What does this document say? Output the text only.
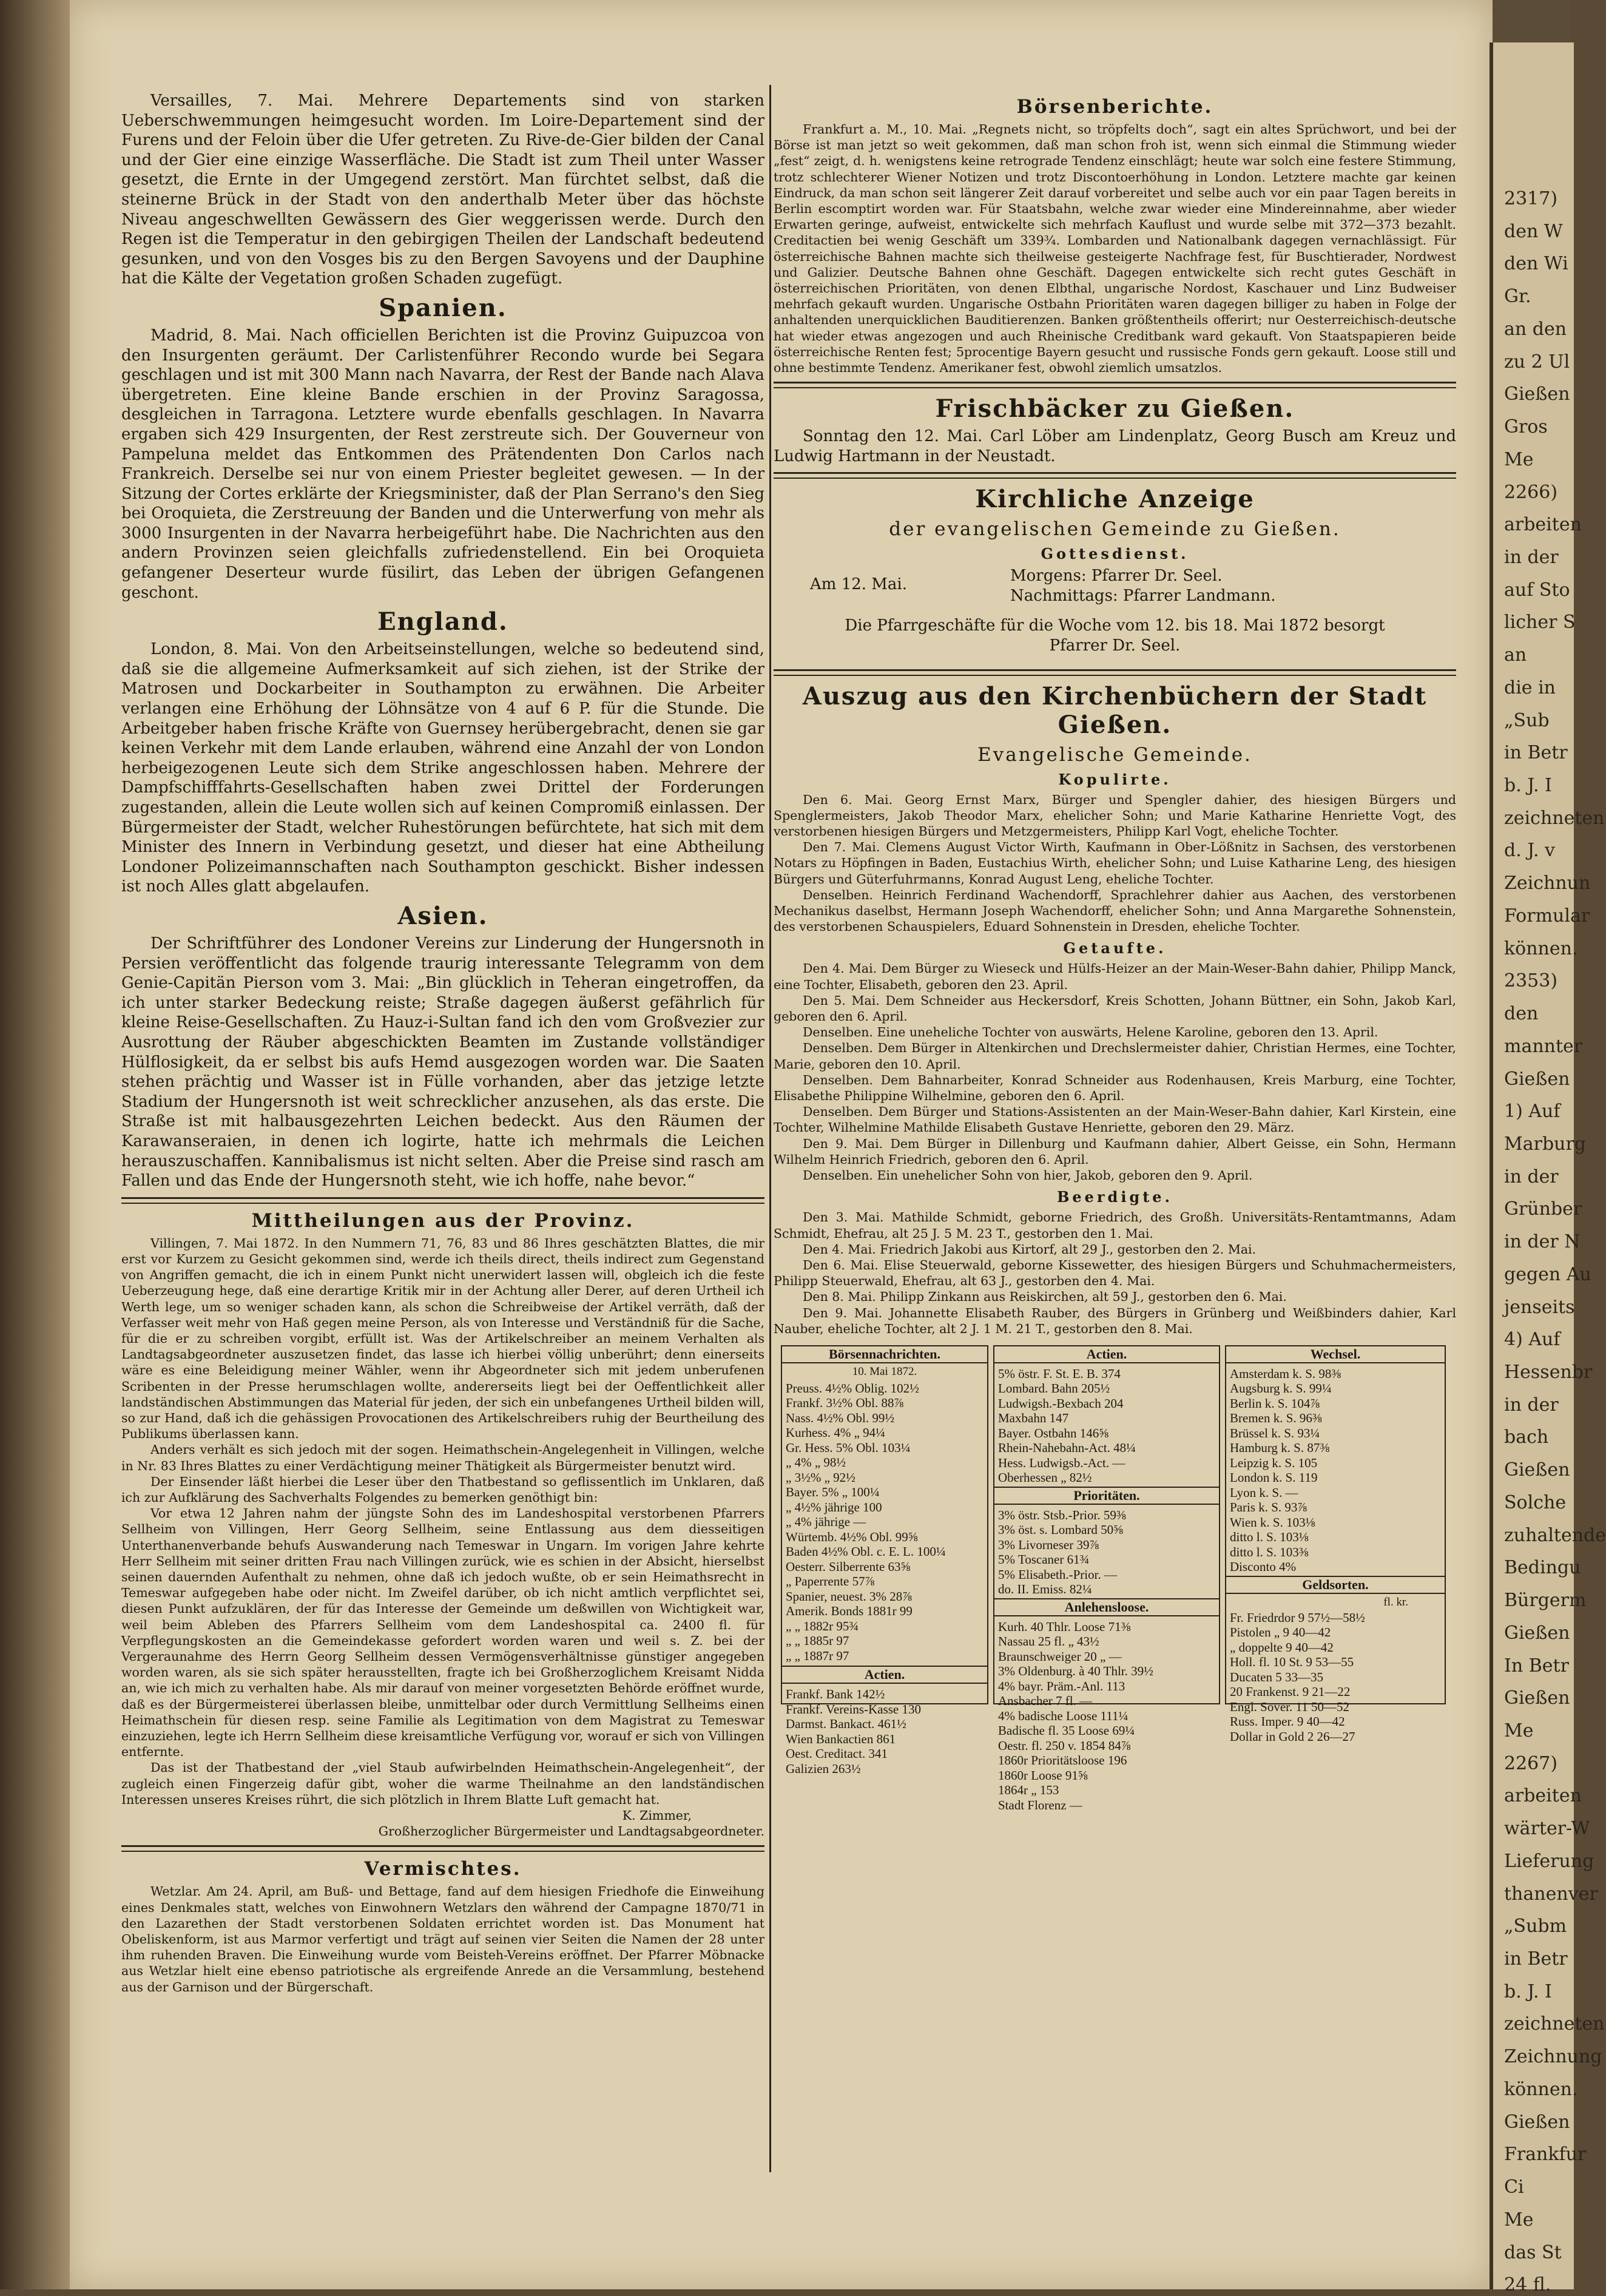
2317)
den W
den Wi
Gr.
an den
zu 2 Ul
Gießen
Gros
Me
2266)
arbeiten
in der
auf Sto
licher S
an
die in
„Sub
in Betr
b. J. I
zeichneten
d. J. v
Zeichnun
Formular
können.
2353)
den
mannter
Gießen
1) Auf
Marburg
in der
Grünber
in der N
gegen Au
jenseits
4) Auf
Hessenbr
in der
bach
Gießen
Solche
zuhaltende
Bedingu
Bürgerm
Gießen
In Betr
Gießen
Me
2267)
arbeiten
wärter-W
Lieferung
thanenver
„Subm
in Betr
b. J. I
zeichneten
Zeichnung
können.
Gießen
Frankfur
Ci
Me
das St
24 fl.

Versailles, 7. Mai. Mehrere Departements sind von starken Ueberschwemmungen heimgesucht worden. Im Loire-Departement sind der Furens und der Feloin über die Ufer getreten. Zu Rive-de-Gier bilden der Canal und der Gier eine einzige Wasserfläche. Die Stadt ist zum Theil unter Wasser gesetzt, die Ernte in der Umgegend zerstört. Man fürchtet selbst, daß die steinerne Brück in der Stadt von den anderthalb Meter über das höchste Niveau angeschwellten Gewässern des Gier weggerissen werde. Durch den Regen ist die Temperatur in den gebirgigen Theilen der Landschaft bedeutend gesunken, und von den Vosges bis zu den Bergen Savoyens und der Dauphine hat die Kälte der Vegetation großen Schaden zugefügt.

Spanien.

Madrid, 8. Mai. Nach officiellen Berichten ist die Provinz Guipuzcoa von den Insurgenten geräumt. Der Carlistenführer Recondo wurde bei Segara geschlagen und ist mit 300 Mann nach Navarra, der Rest der Bande nach Alava übergetreten. Eine kleine Bande erschien in der Provinz Saragossa, desgleichen in Tarragona. Letztere wurde ebenfalls geschlagen. In Navarra ergaben sich 429 Insurgenten, der Rest zerstreute sich. Der Gouverneur von Pampeluna meldet das Entkommen des Prätendenten Don Carlos nach Frankreich. Derselbe sei nur von einem Priester begleitet gewesen. — In der Sitzung der Cortes erklärte der Kriegsminister, daß der Plan Serrano's den Sieg bei Oroquieta, die Zerstreuung der Banden und die Unterwerfung von mehr als 3000 Insurgenten in der Navarra herbeigeführt habe. Die Nachrichten aus den andern Provinzen seien gleichfalls zufriedenstellend. Ein bei Oroquieta gefangener Deserteur wurde füsilirt, das Leben der übrigen Gefangenen geschont.

England.

London, 8. Mai. Von den Arbeitseinstellungen, welche so bedeutend sind, daß sie die allgemeine Aufmerksamkeit auf sich ziehen, ist der Strike der Matrosen und Dockarbeiter in Southampton zu erwähnen. Die Arbeiter verlangen eine Erhöhung der Löhnsätze von 4 auf 6 P. für die Stunde. Die Arbeitgeber haben frische Kräfte von Guernsey herübergebracht, denen sie gar keinen Verkehr mit dem Lande erlauben, während eine Anzahl der von London herbeigezogenen Leute sich dem Strike angeschlossen haben. Mehrere der Dampfschifffahrts-Gesellschaften haben zwei Drittel der Forderungen zugestanden, allein die Leute wollen sich auf keinen Compromiß einlassen. Der Bürgermeister der Stadt, welcher Ruhestörungen befürchtete, hat sich mit dem Minister des Innern in Verbindung gesetzt, und dieser hat eine Abtheilung Londoner Polizeimannschaften nach Southampton geschickt. Bisher indessen ist noch Alles glatt abgelaufen.

Asien.

Der Schriftführer des Londoner Vereins zur Linderung der Hungersnoth in Persien veröffentlicht das folgende traurig interessante Telegramm von dem Genie-Capitän Pierson vom 3. Mai: „Bin glücklich in Teheran eingetroffen, da ich unter starker Bedeckung reiste; Straße dagegen äußerst gefährlich für kleine Reise-Gesellschaften. Zu Hauz-i-Sultan fand ich den vom Großvezier zur Ausrottung der Räuber abgeschickten Beamten im Zustande vollständiger Hülflosigkeit, da er selbst bis aufs Hemd ausgezogen worden war. Die Saaten stehen prächtig und Wasser ist in Fülle vorhanden, aber das jetzige letzte Stadium der Hungersnoth ist weit schrecklicher anzusehen, als das erste. Die Straße ist mit halbausgezehrten Leichen bedeckt. Aus den Räumen der Karawanseraien, in denen ich logirte, hatte ich mehrmals die Leichen herauszuschaffen. Kannibalismus ist nicht selten. Aber die Preise sind rasch am Fallen und das Ende der Hungersnoth steht, wie ich hoffe, nahe bevor.“

Mittheilungen aus der Provinz.

Villingen, 7. Mai 1872. In den Nummern 71, 76, 83 und 86 Ihres geschätzten Blattes, die mir erst vor Kurzem zu Gesicht gekommen sind, werde ich theils direct, theils indirect zum Gegenstand von Angriffen gemacht, die ich in einem Punkt nicht unerwidert lassen will, obgleich ich die feste Ueberzeugung hege, daß eine derartige Kritik mir in der Achtung aller Derer, auf deren Urtheil ich Werth lege, um so weniger schaden kann, als schon die Schreibweise der Artikel verräth, daß der Verfasser weit mehr von Haß gegen meine Person, als von Interesse und Verständniß für die Sache, für die er zu schreiben vorgibt, erfüllt ist. Was der Artikelschreiber an meinem Verhalten als Landtagsabgeordneter auszusetzen findet, das lasse ich hierbei völlig unberührt; denn einerseits wäre es eine Beleidigung meiner Wähler, wenn ihr Abgeordneter sich mit jedem unberufenen Scribenten in der Presse herumschlagen wollte, andererseits liegt bei der Oeffentlichkeit aller landständischen Abstimmungen das Material für jeden, der sich ein unbefangenes Urtheil bilden will, so zur Hand, daß ich die gehässigen Provocationen des Artikelschreibers ruhig der Beurtheilung des Publikums überlassen kann.

Anders verhält es sich jedoch mit der sogen. Heimathschein-Angelegenheit in Villingen, welche in Nr. 83 Ihres Blattes zu einer Verdächtigung meiner Thätigkeit als Bürgermeister benutzt wird.

Der Einsender läßt hierbei die Leser über den Thatbestand so geflissentlich im Unklaren, daß ich zur Aufklärung des Sachverhalts Folgendes zu bemerken genöthigt bin:

Vor etwa 12 Jahren nahm der jüngste Sohn des im Landeshospital verstorbenen Pfarrers Sellheim von Villingen, Herr Georg Sellheim, seine Entlassung aus dem diesseitigen Unterthanenverbande behufs Auswanderung nach Temeswar in Ungarn. Im vorigen Jahre kehrte Herr Sellheim mit seiner dritten Frau nach Villingen zurück, wie es schien in der Absicht, hierselbst seinen dauernden Aufenthalt zu nehmen, ohne daß ich jedoch wußte, ob er sein Heimathsrecht in Temeswar aufgegeben habe oder nicht. Im Zweifel darüber, ob ich nicht amtlich verpflichtet sei, diesen Punkt aufzuklären, der für das Interesse der Gemeinde um deßwillen von Wichtigkeit war, weil beim Ableben des Pfarrers Sellheim vom dem Landeshospital ca. 2400 fl. für Verpflegungskosten an die Gemeindekasse gefordert worden waren und weil s. Z. bei der Vergeraunahme des Herrn Georg Sellheim dessen Vermögensverhältnisse günstiger angegeben worden waren, als sie sich später herausstellten, fragte ich bei Großherzoglichem Kreisamt Nidda an, wie ich mich zu verhalten habe. Als mir darauf von meiner vorgesetzten Behörde eröffnet wurde, daß es der Bürgermeisterei überlassen bleibe, unmittelbar oder durch Vermittlung Sellheims einen Heimathschein für diesen resp. seine Familie als Legitimation von dem Magistrat zu Temeswar einzuziehen, legte ich Herrn Sellheim diese kreisamtliche Verfügung vor, worauf er sich von Villingen entfernte.

Das ist der Thatbestand der „viel Staub aufwirbelnden Heimathschein-Angelegenheit“, der zugleich einen Fingerzeig dafür gibt, woher die warme Theilnahme an den landständischen Interessen unseres Kreises rührt, die sich plötzlich in Ihrem Blatte Luft gemacht hat.

K. Zimmer,

Großherzoglicher Bürgermeister und Landtagsabgeordneter.

Vermischtes.

Wetzlar. Am 24. April, am Buß- und Bettage, fand auf dem hiesigen Friedhofe die Einweihung eines Denkmales statt, welches von Einwohnern Wetzlars den während der Campagne 1870/71 in den Lazarethen der Stadt verstorbenen Soldaten errichtet worden ist. Das Monument hat Obeliskenform, ist aus Marmor verfertigt und trägt auf seinen vier Seiten die Namen der 28 unter ihm ruhenden Braven. Die Einweihung wurde vom Beisteh-Vereins eröffnet. Der Pfarrer Möbnacke aus Wetzlar hielt eine ebenso patriotische als ergreifende Anrede an die Versammlung, bestehend aus der Garnison und der Bürgerschaft.

Börsenberichte.

Frankfurt a. M., 10. Mai. „Regnets nicht, so tröpfelts doch“, sagt ein altes Sprüchwort, und bei der Börse ist man jetzt so weit gekommen, daß man schon froh ist, wenn sich einmal die Stimmung wieder „fest“ zeigt, d. h. wenigstens keine retrograde Tendenz einschlägt; heute war solch eine festere Stimmung, trotz schlechterer Wiener Notizen und trotz Discontoerhöhung in London. Letztere machte gar keinen Eindruck, da man schon seit längerer Zeit darauf vorbereitet und selbe auch vor ein paar Tagen bereits in Berlin escomptirt worden war. Für Staatsbahn, welche zwar wieder eine Mindereinnahme, aber wieder Erwarten geringe, aufweist, entwickelte sich mehrfach Kauflust und wurde selbe mit 372—373 bezahlt. Creditactien bei wenig Geschäft um 339¾. Lombarden und Nationalbank dagegen vernachlässigt. Für österreichische Bahnen machte sich theilweise gesteigerte Nachfrage fest, für Buschtierader, Nordwest und Galizier. Deutsche Bahnen ohne Geschäft. Dagegen entwickelte sich recht gutes Geschäft in österreichischen Prioritäten, von denen Elbthal, ungarische Nordost, Kaschauer und Linz Budweiser mehrfach gekauft wurden. Ungarische Ostbahn Prioritäten waren dagegen billiger zu haben in Folge der anhaltenden unerquicklichen Bauditierenzen. Banken größtentheils offerirt; nur Oesterreichisch-deutsche hat wieder etwas angezogen und auch Rheinische Creditbank ward gekauft. Von Staatspapieren beide österreichische Renten fest; 5procentige Bayern gesucht und russische Fonds gern gekauft. Loose still und ohne bestimmte Tendenz. Amerikaner fest, obwohl ziemlich umsatzlos.

Frischbäcker zu Gießen.

Sonntag den 12. Mai. Carl Löber am Lindenplatz, Georg Busch am Kreuz und Ludwig Hartmann in der Neustadt.

Kirchliche Anzeige
der evangelischen Gemeinde zu Gießen.
Gottesdienst.
Am 12. Mai.	Morgens: Pfarrer Dr. Seel.
Nachmittags: Pfarrer Landmann.

Die Pfarrgeschäfte für die Woche vom 12. bis 18. Mai 1872 besorgt Pfarrer Dr. Seel.

Auszug aus den Kirchenbüchern der Stadt Gießen.
Evangelische Gemeinde.
Kopulirte.

Den 6. Mai. Georg Ernst Marx, Bürger und Spengler dahier, des hiesigen Bürgers und Spenglermeisters, Jakob Theodor Marx, ehelicher Sohn; und Marie Katharine Henriette Vogt, des verstorbenen hiesigen Bürgers und Metzgermeisters, Philipp Karl Vogt, eheliche Tochter.

Den 7. Mai. Clemens August Victor Wirth, Kaufmann in Ober-Lößnitz in Sachsen, des verstorbenen Notars zu Höpfingen in Baden, Eustachius Wirth, ehelicher Sohn; und Luise Katharine Leng, des hiesigen Bürgers und Güterfuhrmanns, Konrad August Leng, eheliche Tochter.

Denselben. Heinrich Ferdinand Wachendorff, Sprachlehrer dahier aus Aachen, des verstorbenen Mechanikus daselbst, Hermann Joseph Wachendorff, ehelicher Sohn; und Anna Margarethe Sohnenstein, des verstorbenen Schauspielers, Eduard Sohnenstein in Dresden, eheliche Tochter.

Getaufte.

Den 4. Mai. Dem Bürger zu Wieseck und Hülfs-Heizer an der Main-Weser-Bahn dahier, Philipp Manck, eine Tochter, Elisabeth, geboren den 23. April.

Den 5. Mai. Dem Schneider aus Heckersdorf, Kreis Schotten, Johann Büttner, ein Sohn, Jakob Karl, geboren den 6. April.

Denselben. Eine uneheliche Tochter von auswärts, Helene Karoline, geboren den 13. April.

Denselben. Dem Bürger in Altenkirchen und Drechslermeister dahier, Christian Hermes, eine Tochter, Marie, geboren den 10. April.

Denselben. Dem Bahnarbeiter, Konrad Schneider aus Rodenhausen, Kreis Marburg, eine Tochter, Elisabethe Philippine Wilhelmine, geboren den 6. April.

Denselben. Dem Bürger und Stations-Assistenten an der Main-Weser-Bahn dahier, Karl Kirstein, eine Tochter, Wilhelmine Mathilde Elisabeth Gustave Henriette, geboren den 29. März.

Den 9. Mai. Dem Bürger in Dillenburg und Kaufmann dahier, Albert Geisse, ein Sohn, Hermann Wilhelm Heinrich Friedrich, geboren den 6. April.

Denselben. Ein unehelicher Sohn von hier, Jakob, geboren den 9. April.

Beerdigte.

Den 3. Mai. Mathilde Schmidt, geborne Friedrich, des Großh. Universitäts-Rentamtmanns, Adam Schmidt, Ehefrau, alt 25 J. 5 M. 23 T., gestorben den 1. Mai.

Den 4. Mai. Friedrich Jakobi aus Kirtorf, alt 29 J., gestorben den 2. Mai.

Den 6. Mai. Elise Steuerwald, geborne Kissewetter, des hiesigen Bürgers und Schuhmachermeisters, Philipp Steuerwald, Ehefrau, alt 63 J., gestorben den 4. Mai.

Den 8. Mai. Philipp Zinkann aus Reiskirchen, alt 59 J., gestorben den 6. Mai.

Den 9. Mai. Johannette Elisabeth Rauber, des Bürgers in Grünberg und Weißbinders dahier, Karl Nauber, eheliche Tochter, alt 2 J. 1 M. 21 T., gestorben den 8. Mai.

Börsennachrichten.
10. Mai 1872.
Preuss. 4½% Oblig. 102½
Frankf. 3½% Obl. 88⅞
Nass. 4½% Obl. 99½
Kurhess. 4% „ 94¼
Gr. Hess. 5% Obl. 103¼
„ 4% „ 98½
„ 3½% „ 92½
Bayer. 5% „ 100¼
„ 4½% jährige 100
„ 4% jährige —
Würtemb. 4½% Obl. 99⅝
Baden 4½% Obl. c. E. L. 100¼
Oesterr. Silberrente 63⅝
„ Paperrente 57⅞
Spanier, neuest. 3% 28⅞
Amerik. Bonds 1881r 99
„ „ 1882r 95¾
„ „ 1885r 97
„ „ 1887r 97
Actien.
Frankf. Bank 142½
Frankf. Vereins-Kasse 130
Darmst. Bankact. 461½
Wien Bankactien 861
Oest. Creditact. 341
Galizien 263½
Actien.
5% östr. F. St. E. B. 374
Lombard. Bahn 205½
Ludwigsh.-Bexbach 204
Maxbahn 147
Bayer. Ostbahn 146⅝
Rhein-Nahebahn-Act. 48¼
Hess. Ludwigsb.-Act. —
Oberhessen „ 82½
Prioritäten.
3% östr. Stsb.-Prior. 59⅜
3% öst. s. Lombard 50⅝
3% Livorneser 39⅞
5% Toscaner 61¾
5% Elisabeth.-Prior. —
do. II. Emiss. 82¼
Anlehensloose.
Kurh. 40 Thlr. Loose 71⅜
Nassau 25 fl. „ 43½
Braunschweiger 20 „ —
3% Oldenburg. à 40 Thlr. 39½
4% bayr. Präm.-Anl. 113
Ansbacher 7 fl. —
4% badische Loose 111¼
Badische fl. 35 Loose 69¼
Oestr. fl. 250 v. 1854 84⅞
1860r Prioritätsloose 196
1860r Loose 91⅝
1864r „ 153
Stadt Florenz —
Wechsel.
Amsterdam k. S. 98⅜
Augsburg k. S. 99¼
Berlin k. S. 104⅞
Bremen k. S. 96⅜
Brüssel k. S. 93¼
Hamburg k. S. 87⅜
Leipzig k. S. 105
London k. S. 119
Lyon k. S. —
Paris k. S. 93⅞
Wien k. S. 103⅛
ditto l. S. 103⅛
ditto l. S. 103⅜
Disconto 4%
Geldsorten.
fl. kr.
Fr. Friedrdor 9 57½—58½
Pistolen „ 9 40—42
„ doppelte 9 40—42
Holl. fl. 10 St. 9 53—55
Ducaten 5 33—35
20 Frankenst. 9 21—22
Engl. Sover. 11 50—52
Russ. Imper. 9 40—42
Dollar in Gold 2 26—27
